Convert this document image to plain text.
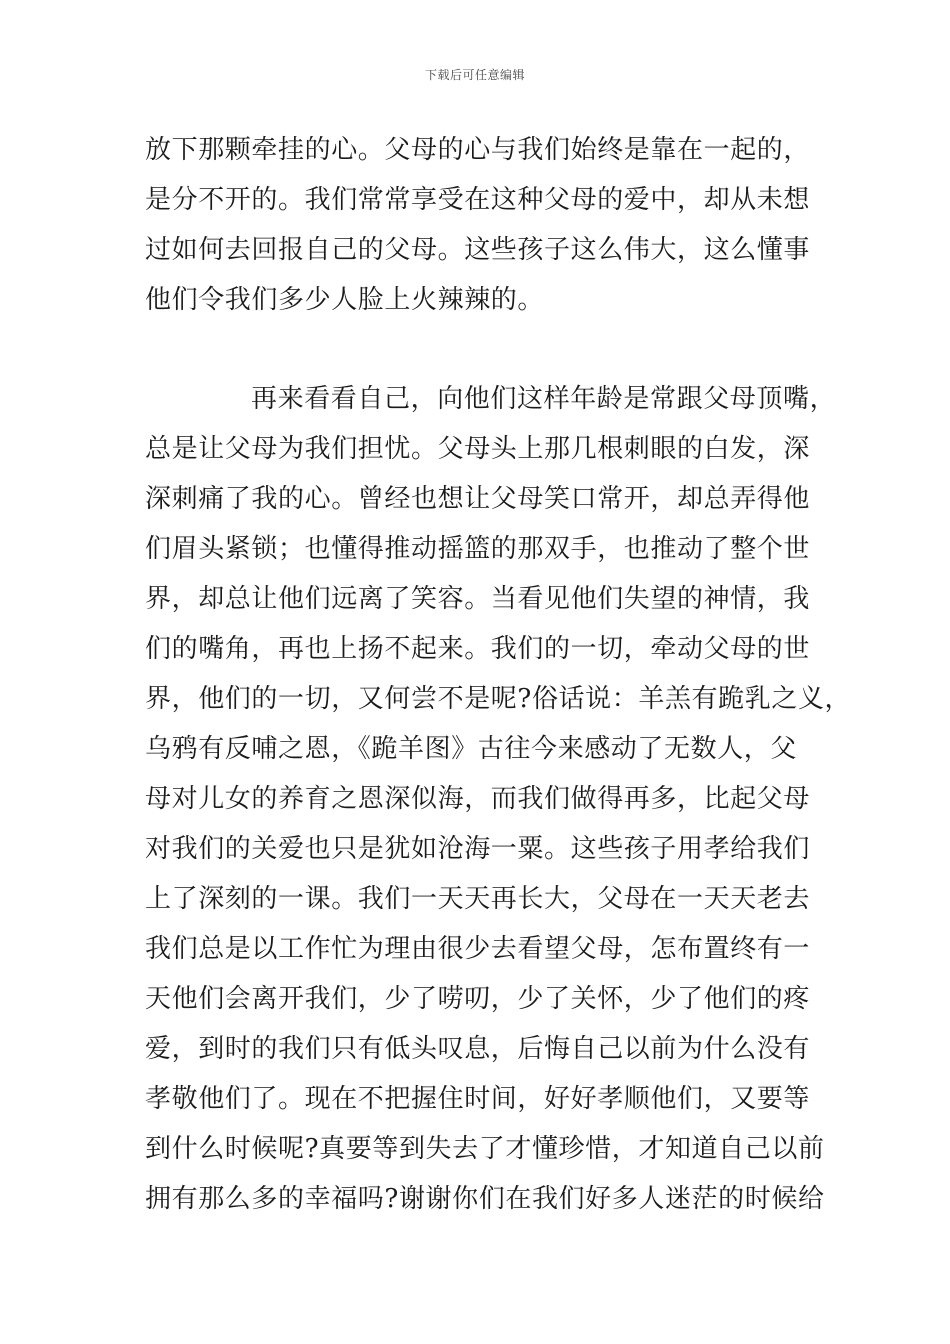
下载后可任意编辑
放下那颗牵挂的心。父母的心与我们始终是靠在一起的，
是分不开的。我们常常享受在这种父母的爱中，却从未想
过如何去回报自己的父母。这些孩子这么伟大，这么懂事
他们令我们多少人脸上火辣辣的。
再来看看自己，向他们这样年龄是常跟父母顶嘴，
总是让父母为我们担忧。父母头上那几根刺眼的白发，深
深刺痛了我的心。曾经也想让父母笑口常开，却总弄得他
们眉头紧锁；也懂得推动摇篮的那双手，也推动了整个世
界，却总让他们远离了笑容。当看见他们失望的神情，我
们的嘴角，再也上扬不起来。我们的一切，牵动父母的世
界，他们的一切，又何尝不是呢?俗话说：羊羔有跪乳之义，
乌鸦有反哺之恩，《跪羊图》古往今来感动了无数人，父
母对儿女的养育之恩深似海，而我们做得再多，比起父母
对我们的关爱也只是犹如沧海一粟。这些孩子用孝给我们
上了深刻的一课。我们一天天再长大，父母在一天天老去
我们总是以工作忙为理由很少去看望父母，怎布置终有一
天他们会离开我们，少了唠叨，少了关怀，少了他们的疼
爱，到时的我们只有低头叹息，后悔自己以前为什么没有
孝敬他们了。现在不把握住时间，好好孝顺他们，又要等
到什么时候呢?真要等到失去了才懂珍惜，才知道自己以前
拥有那么多的幸福吗?谢谢你们在我们好多人迷茫的时候给
